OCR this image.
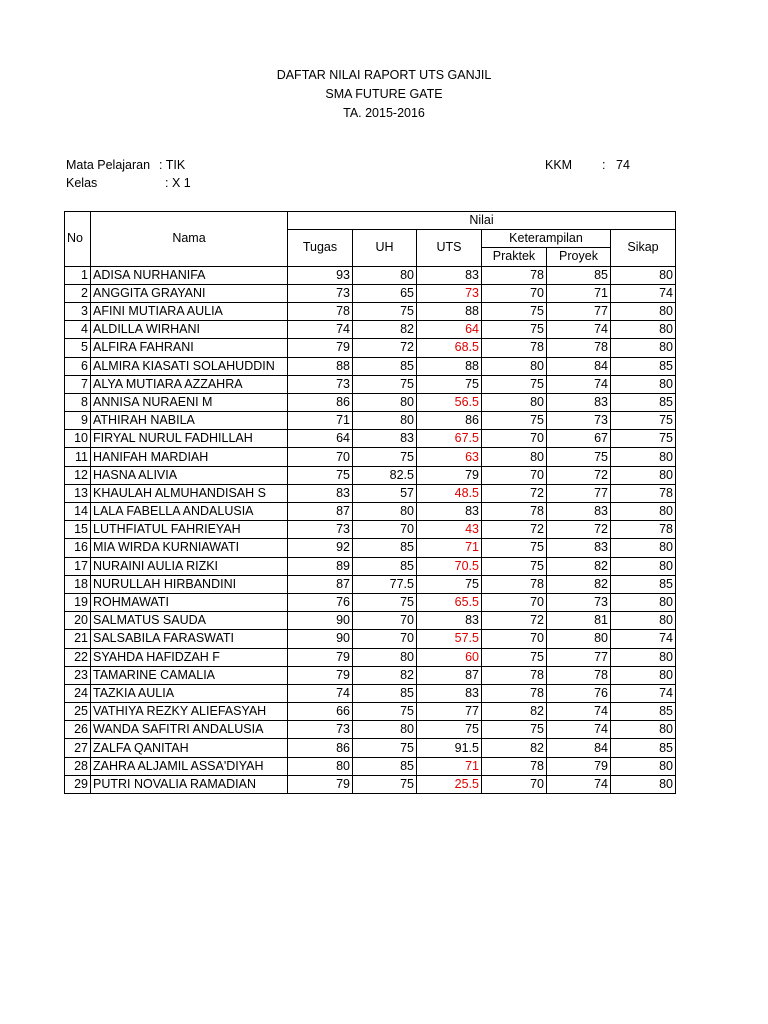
DAFTAR NILAI RAPORT UTS GANJIL
SMA FUTURE GATE
TA. 2015-2016
Mata Pelajaran : TIK
Kelas	: X 1
KKM : 74
No	Nama	Nilai					
		Tugas	UH	UTS	Keterampilan		Sikap
					Praktek	Proyek	
1	ADISA NURHANIFA	93	80	83	78	85	80
2	ANGGITA GRAYANI	73	65	73	70	71	74
3	AFINI MUTIARA AULIA	78	75	88	75	77	80
4	ALDILLA WIRHANI	74	82	64	75	74	80
5	ALFIRA FAHRANI	79	72	68.5	78	78	80
6	ALMIRA KIASATI SOLAHUDDIN	88	85	88	80	84	85
7	ALYA MUTIARA AZZAHRA	73	75	75	75	74	80
8	ANNISA NURAENI M	86	80	56.5	80	83	85
9	ATHIRAH NABILA	71	80	86	75	73	75
10	FIRYAL NURUL FADHILLAH	64	83	67.5	70	67	75
11	HANIFAH MARDIAH	70	75	63	80	75	80
12	HASNA ALIVIA	75	82.5	79	70	72	80
13	KHAULAH ALMUHANDISAH S	83	57	48.5	72	77	78
14	LALA FABELLA ANDALUSIA	87	80	83	78	83	80
15	LUTHFIATUL FAHRIEYAH	73	70	43	72	72	78
16	MIA WIRDA KURNIAWATI	92	85	71	75	83	80
17	NURAINI AULIA RIZKI	89	85	70.5	75	82	80
18	NURULLAH HIRBANDINI	87	77.5	75	78	82	85
19	ROHMAWATI	76	75	65.5	70	73	80
20	SALMATUS SAUDA	90	70	83	72	81	80
21	SALSABILA FARASWATI	90	70	57.5	70	80	74
22	SYAHDA HAFIDZAH F	79	80	60	75	77	80
23	TAMARINE CAMALIA	79	82	87	78	78	80
24	TAZKIA AULIA	74	85	83	78	76	74
25	VATHIYA REZKY ALIEFASYAH	66	75	77	82	74	85
26	WANDA SAFITRI ANDALUSIA	73	80	75	75	74	80
27	ZALFA QANITAH	86	75	91.5	82	84	85
28	ZAHRA ALJAMIL ASSA'DIYAH	80	85	71	78	79	80
29	PUTRI NOVALIA RAMADIAN	79	75	25.5	70	74	80
